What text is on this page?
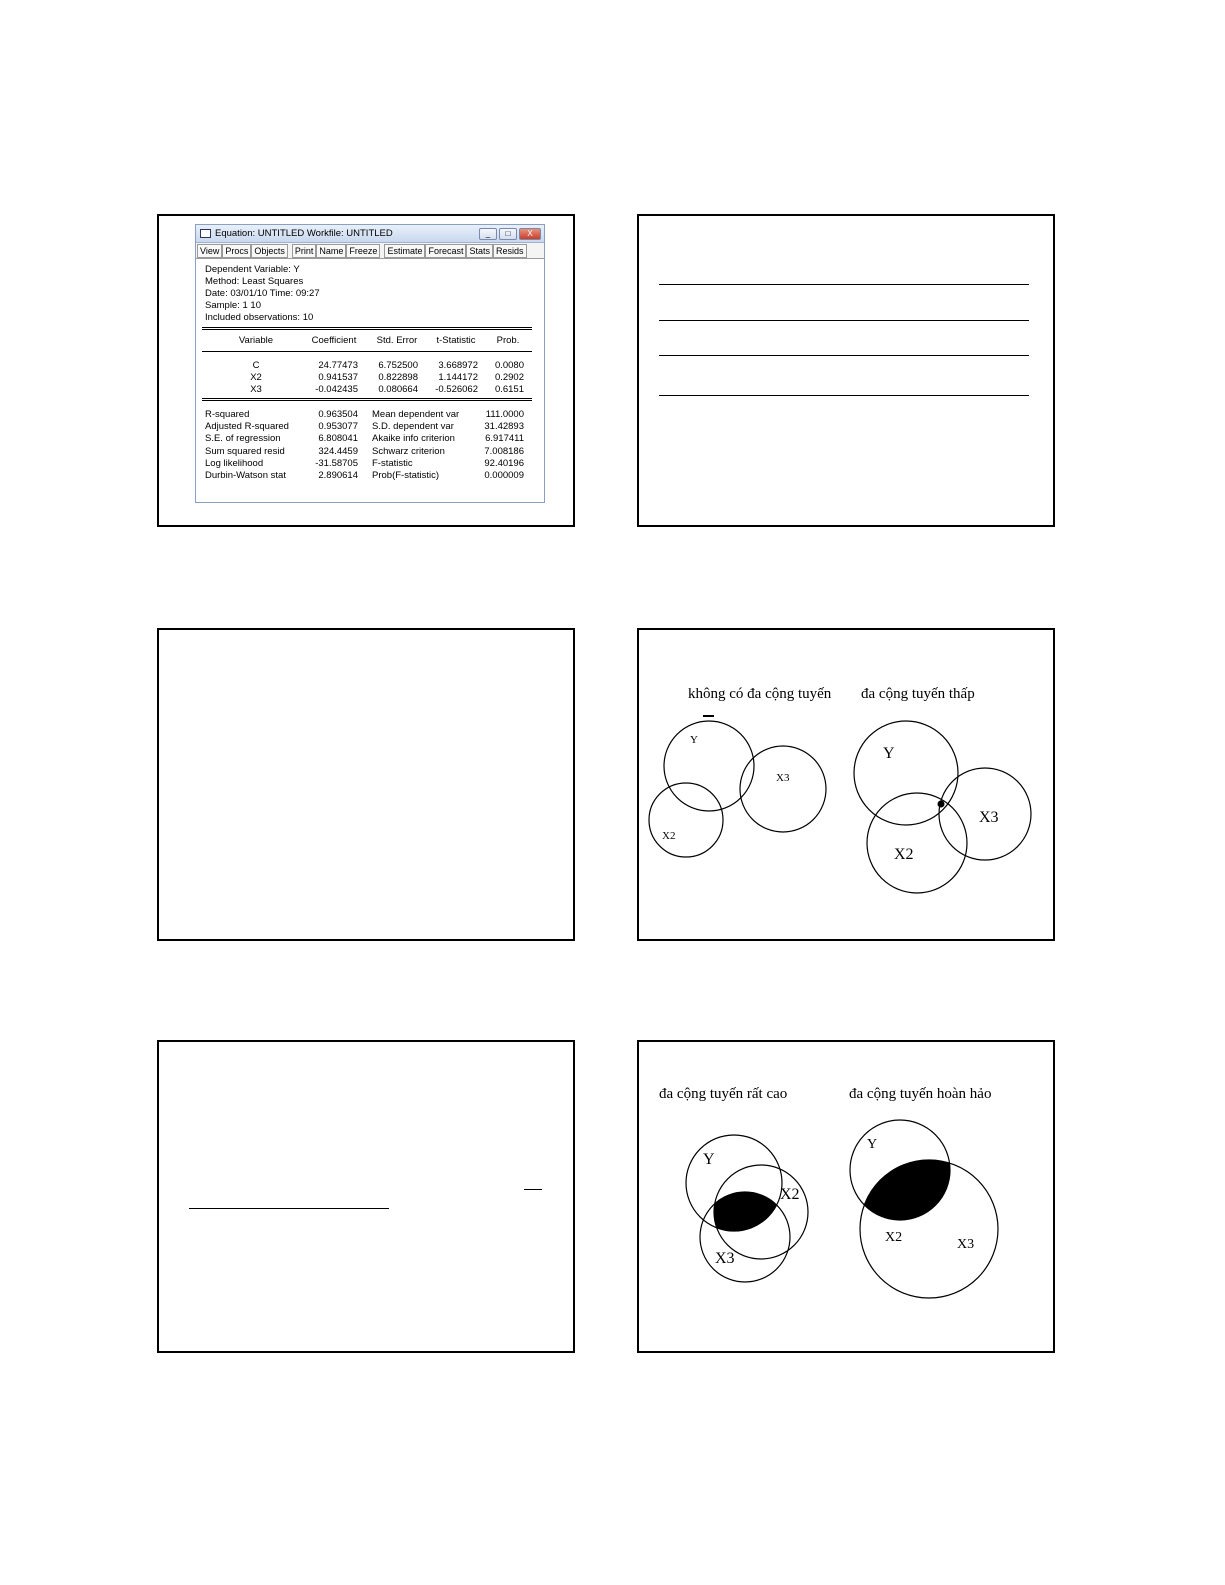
Equation: UNTITLED Workfile: UNTITLED	_	□	X
View Procs Objects	Print Name Freeze	Estimate Forecast Stats Resids
Dependent Variable: Y
Method: Least Squares
Date: 03/01/10 Time: 09:27
Sample: 1 10
Included observations: 10
Variable	Coefficient	Std. Error	t-Statistic	Prob.
C	24.77473	6.752500	3.668972	0.0080
X2	0.941537	0.822898	1.144172	0.2902
X3	-0.042435	0.080664	-0.526062	0.6151
R-squared	0.963504 Mean dependent var	111.0000
Adjusted R-squared	0.953077 S.D. dependent var	31.42893
S.E. of regression	6.808041 Akaike info criterion	6.917411
Sum squared resid	324.4459 Schwarz criterion	7.008186
Log likelihood	-31.58705 F-statistic	92.40196
Durbin-Watson stat	2.890614 Prob(F-statistic)	0.000009
không có đa cộng tuyến đa cộng tuyến thấp
Y
X3
X2
Y
X3
X2
đa cộng tuyến rất cao	đa cộng tuyến hoàn hảo
Y
X2
X3
Y
X2	X3
